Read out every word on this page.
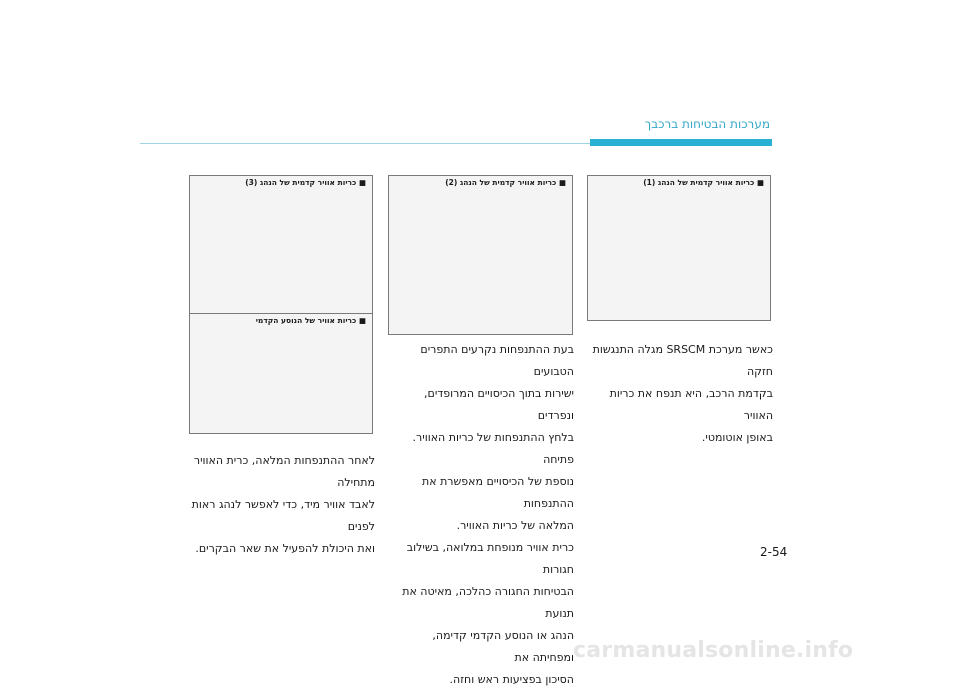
מערכות הבטיחות ברכבך
■ כריות אוויר קדמית של הנהג (1)
■ כריות אוויר קדמית של הנהג (2)
■ כריות אוויר קדמית של הנהג (3)
■ כריות אוויר של הנוסע הקדמי
כאשר מערכת SRSCM מגלה התנגשות חזקה
בקדמת הרכב, היא תנפח את כריות האוויר
באופן אוטומטי.
בעת ההתנפחות נקרעים התפרים הטבועים
ישירות בתוך הכיסויים המרופדים, ונפרדים
בלחץ ההתנפחות של כריות האוויר. פתיחה
נוספת של הכיסויים מאפשרת את ההתנפחות
המלאה של כריות האוויר.
כרית אוויר מנופחת במלואה, בשילוב חגורות
הבטיחות החגורה כהלכה, מאיטה את תנועת
הנהג או הנוסע הקדמי קדימה, ומפחיתה את
הסיכון בפציעות ראש וחזה.
לאחר ההתנפחות המלאה, כרית האוויר מתחילה
לאבד אוויר מיד, כדי לאפשר לנהג ראות לפנים
ואת היכולת להפעיל את שאר הבקרים.	2-54
carmanualsonline.info
